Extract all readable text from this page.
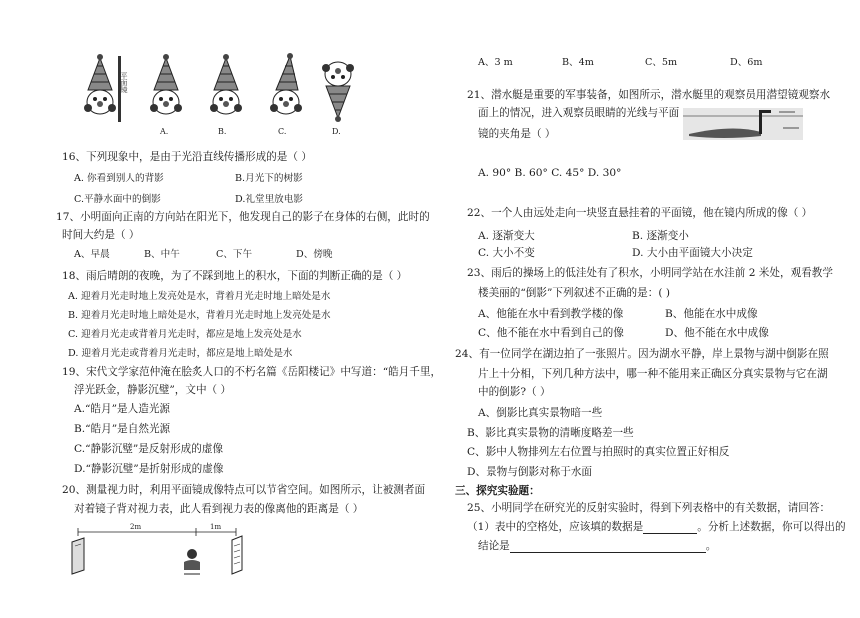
平面镜
A.	B.	C.	D.
16、下列现象中，是由于光沿直线传播形成的是（ ）
A. 你看到别人的背影	B.月光下的树影
C.平静水面中的倒影	D.礼堂里放电影
17、小明面向正南的方向站在阳光下，他发现自己的影子在身体的右侧，此时的
时间大约是（ ）
A、早晨	B、中午	C、下午	D、傍晚
18、雨后晴朗的夜晚，为了不踩到地上的积水，下面的判断正确的是（ ）
A. 迎着月光走时地上发亮处是水，背着月光走时地上暗处是水
B. 迎着月光走时地上暗处是水，背着月光走时地上发亮处是水
C. 迎着月光走或背着月光走时，都应是地上发亮处是水
D. 迎着月光走或背着月光走时，都应是地上暗处是水
19、宋代文学家范仲淹在脍炙人口的不朽名篇《岳阳楼记》中写道：“皓月千里，
浮光跃金，静影沉璧”，文中（ ）
A.“皓月”是人造光源
B.“皓月”是自然光源
C.“静影沉璧”是反射形成的虚像
D.“静影沉璧”是折射形成的虚像
20、测量视力时，利用平面镜成像特点可以节省空间。如图所示，让被测者面
对着镜子背对视力表，此人看到视力表的像离他的距离是（ ）
2m	1m
A、3 m	B、4m	C、5m	D、6m
21、潜水艇是重要的军事装备，如图所示，潜水艇里的观察员用潜望镜观察水
面上的情况，进入观察员眼睛的光线与平面
镜的夹角是（ ）
A. 90° B. 60° C. 45° D. 30°
22、一个人由远处走向一块竖直悬挂着的平面镜，他在镜内所成的像（ ）
A. 逐渐变大	B. 逐渐变小
C. 大小不变	D. 大小由平面镜大小决定
23、雨后的操场上的低洼处有了积水，小明同学站在水洼前 2 米处，观看教学
楼美丽的“倒影”下列叙述不正确的是：( )
A、他能在水中看到教学楼的像	B、他能在水中成像
C、他不能在水中看到自己的像	D、他不能在水中成像
24、有一位同学在湖边拍了一张照片。因为湖水平静，岸上景物与湖中倒影在照
片上十分相，下列几种方法中，哪一种不能用来正确区分真实景物与它在湖
中的倒影?（ ）
A、倒影比真实景物暗一些
B、影比真实景物的清晰度略差一些
C、影中人物排列左右位置与拍照时的真实位置正好相反
D、景物与倒影对称于水面
三、探究实验题：
25、小明同学在研究光的反射实验时，得到下列表格中的有关数据，请回答：
（1）表中的空格处，应该填的数据是	。分析上述数据，你可以得出的
结论是	。
